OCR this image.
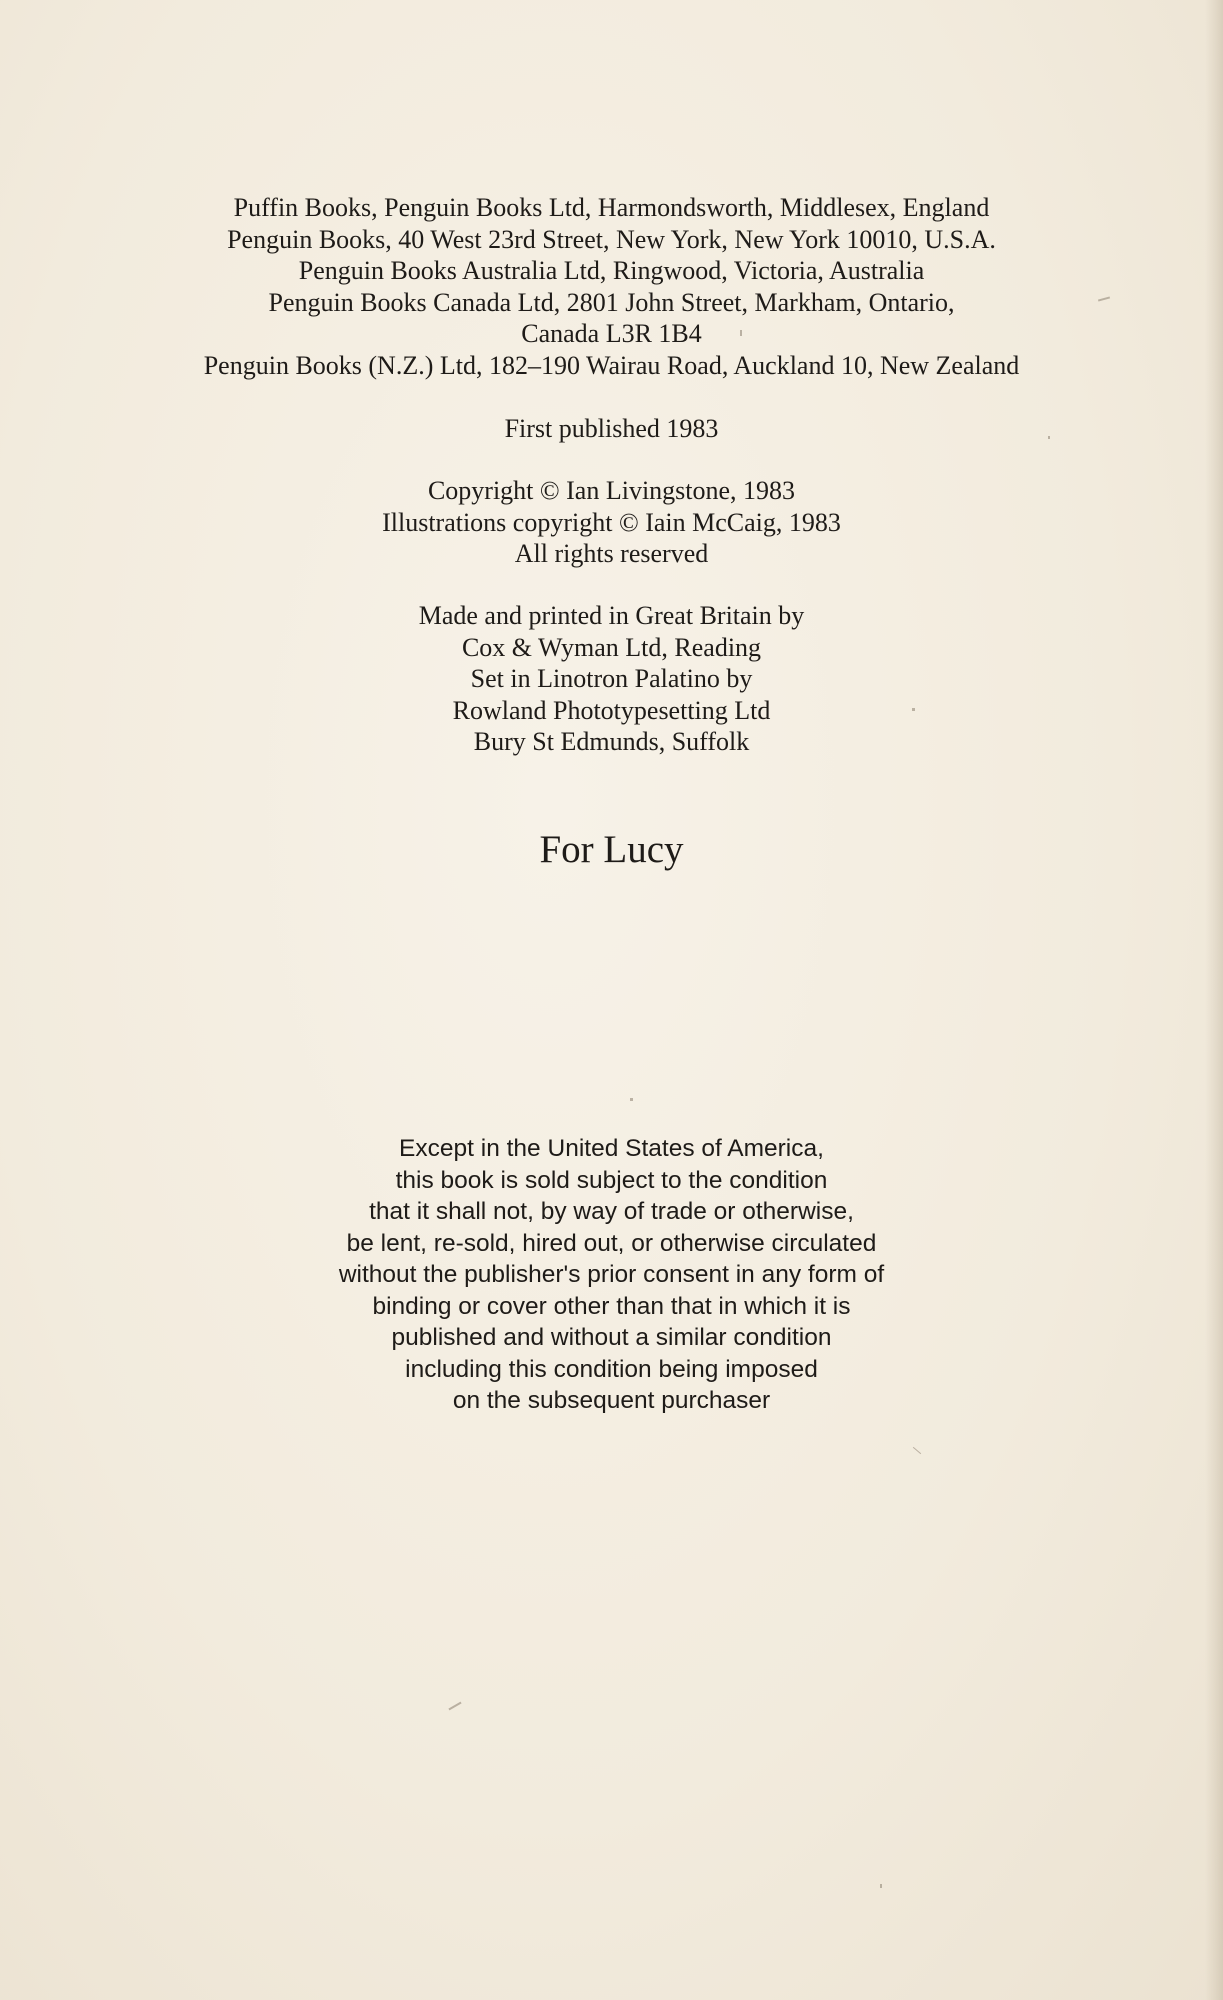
Puffin Books, Penguin Books Ltd, Harmondsworth, Middlesex, England

Penguin Books, 40 West 23rd Street, New York, New York 10010, U.S.A.

Penguin Books Australia Ltd, Ringwood, Victoria, Australia

Penguin Books Canada Ltd, 2801 John Street, Markham, Ontario,

Canada L3R 1B4

Penguin Books (N.Z.) Ltd, 182–190 Wairau Road, Auckland 10, New Zealand

First published 1983

Copyright © Ian Livingstone, 1983

Illustrations copyright © Iain McCaig, 1983

All rights reserved

Made and printed in Great Britain by

Cox & Wyman Ltd, Reading

Set in Linotron Palatino by

Rowland Phototypesetting Ltd

Bury St Edmunds, Suffolk

For Lucy

Except in the United States of America,

this book is sold subject to the condition

that it shall not, by way of trade or otherwise,

be lent, re-sold, hired out, or otherwise circulated

without the publisher's prior consent in any form of

binding or cover other than that in which it is

published and without a similar condition

including this condition being imposed

on the subsequent purchaser
